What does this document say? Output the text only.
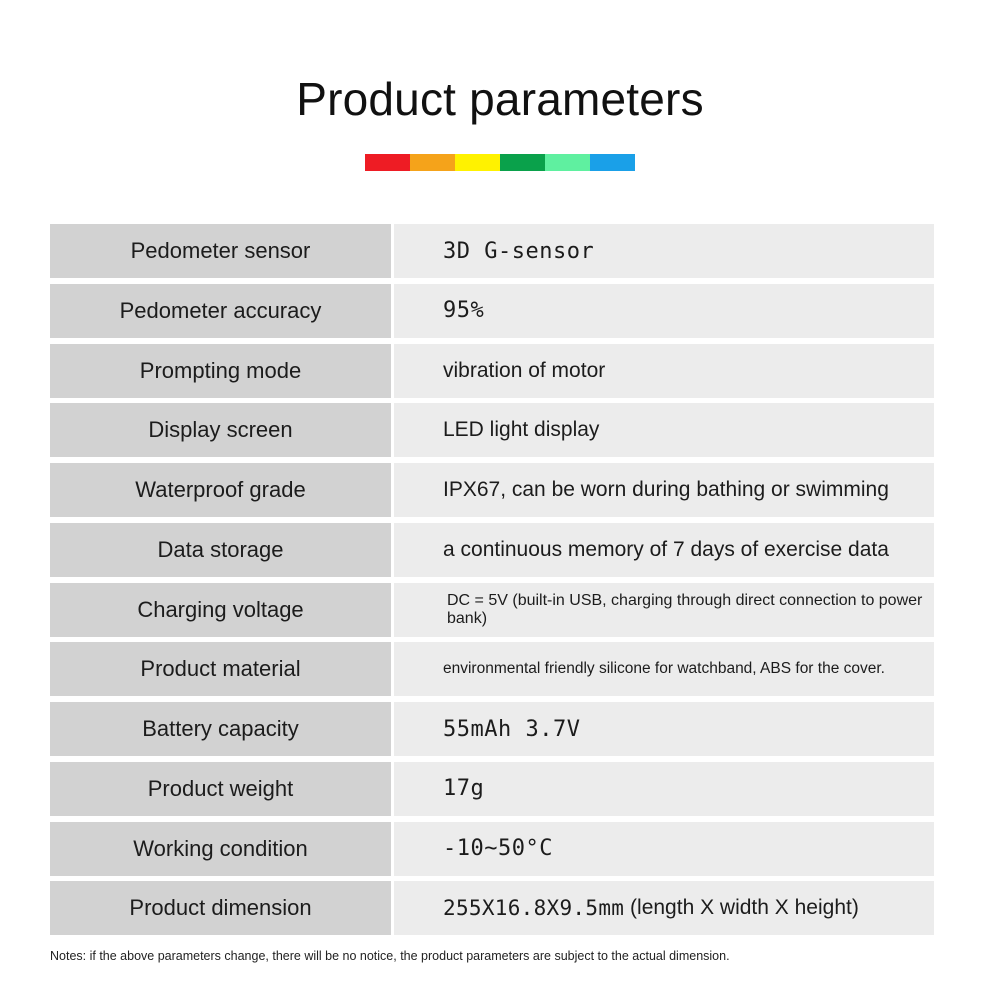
Product parameters
Pedometer sensor	3D G-sensor
Pedometer accuracy	95%
Prompting mode	vibration of motor
Display screen	LED light display
Waterproof grade	IPX67, can be worn during bathing or swimming
Data storage	a continuous memory of 7 days of exercise data
Charging voltage	DC = 5V (built-in USB, charging through direct connection to power bank)
Product material	environmental friendly silicone for watchband, ABS for the cover.
Battery capacity	55mAh 3.7V
Product weight	17g
Working condition	-10~50°C
Product dimension	255X16.8X9.5mm (length X width X height)
Notes: if the above parameters change, there will be no notice, the product parameters are subject to the actual dimension.
